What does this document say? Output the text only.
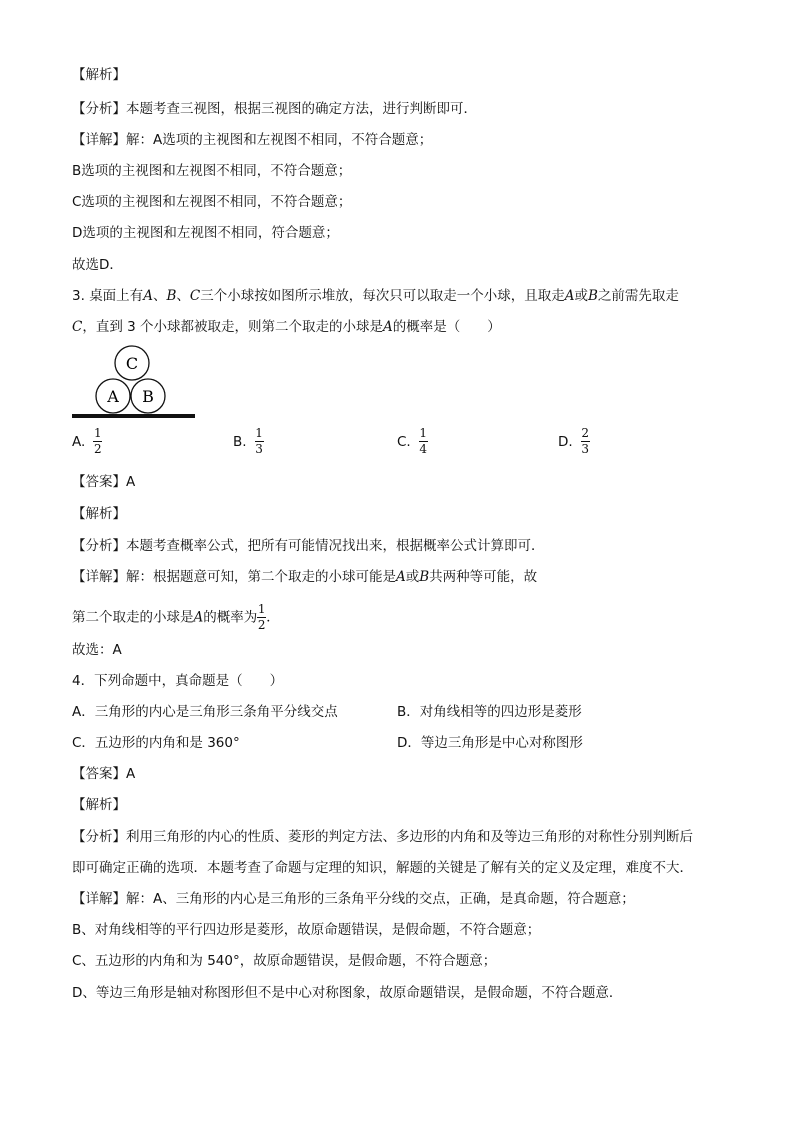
【解析】
【分析】本题考查三视图，根据三视图的确定方法，进行判断即可．
【详解】解：A选项的主视图和左视图不相同，不符合题意；
B选项的主视图和左视图不相同，不符合题意；
C选项的主视图和左视图不相同，不符合题意；
D选项的主视图和左视图不相同，符合题意；
故选D．
3. 桌面上有A、B、C三个小球按如图所示堆放，每次只可以取走一个小球，且取走A或B之前需先取走
C，直到 3 个小球都被取走，则第二个取走的小球是A的概率是（　　）
C
A B
A. $\frac{1}{2}$	B. $\frac{1}{3}$	C. $\frac{1}{4}$	D. $\frac{2}{3}$
【答案】A
【解析】
【分析】本题考查概率公式，把所有可能情况找出来，根据概率公式计算即可．
【详解】解：根据题意可知，第二个取走的小球可能是A或B共两种等可能，故
第二个取走的小球是A的概率为 $\frac{1}{2}$ ．
故选：A
4．下列命题中，真命题是（　　）
A．三角形的内心是三角形三条角平分线交点	B．对角线相等的四边形是菱形
C．五边形的内角和是 360°	D．等边三角形是中心对称图形
【答案】A
【解析】
【分析】利用三角形的内心的性质、菱形的判定方法、多边形的内角和及等边三角形的对称性分别判断后
即可确定正确的选项．本题考查了命题与定理的知识，解题的关键是了解有关的定义及定理，难度不大．
【详解】解：A、三角形的内心是三角形的三条角平分线的交点，正确，是真命题，符合题意；
B、对角线相等的平行四边形是菱形，故原命题错误，是假命题，不符合题意；
C、五边形的内角和为 540°，故原命题错误，是假命题，不符合题意；
D、等边三角形是轴对称图形但不是中心对称图象，故原命题错误，是假命题，不符合题意．
